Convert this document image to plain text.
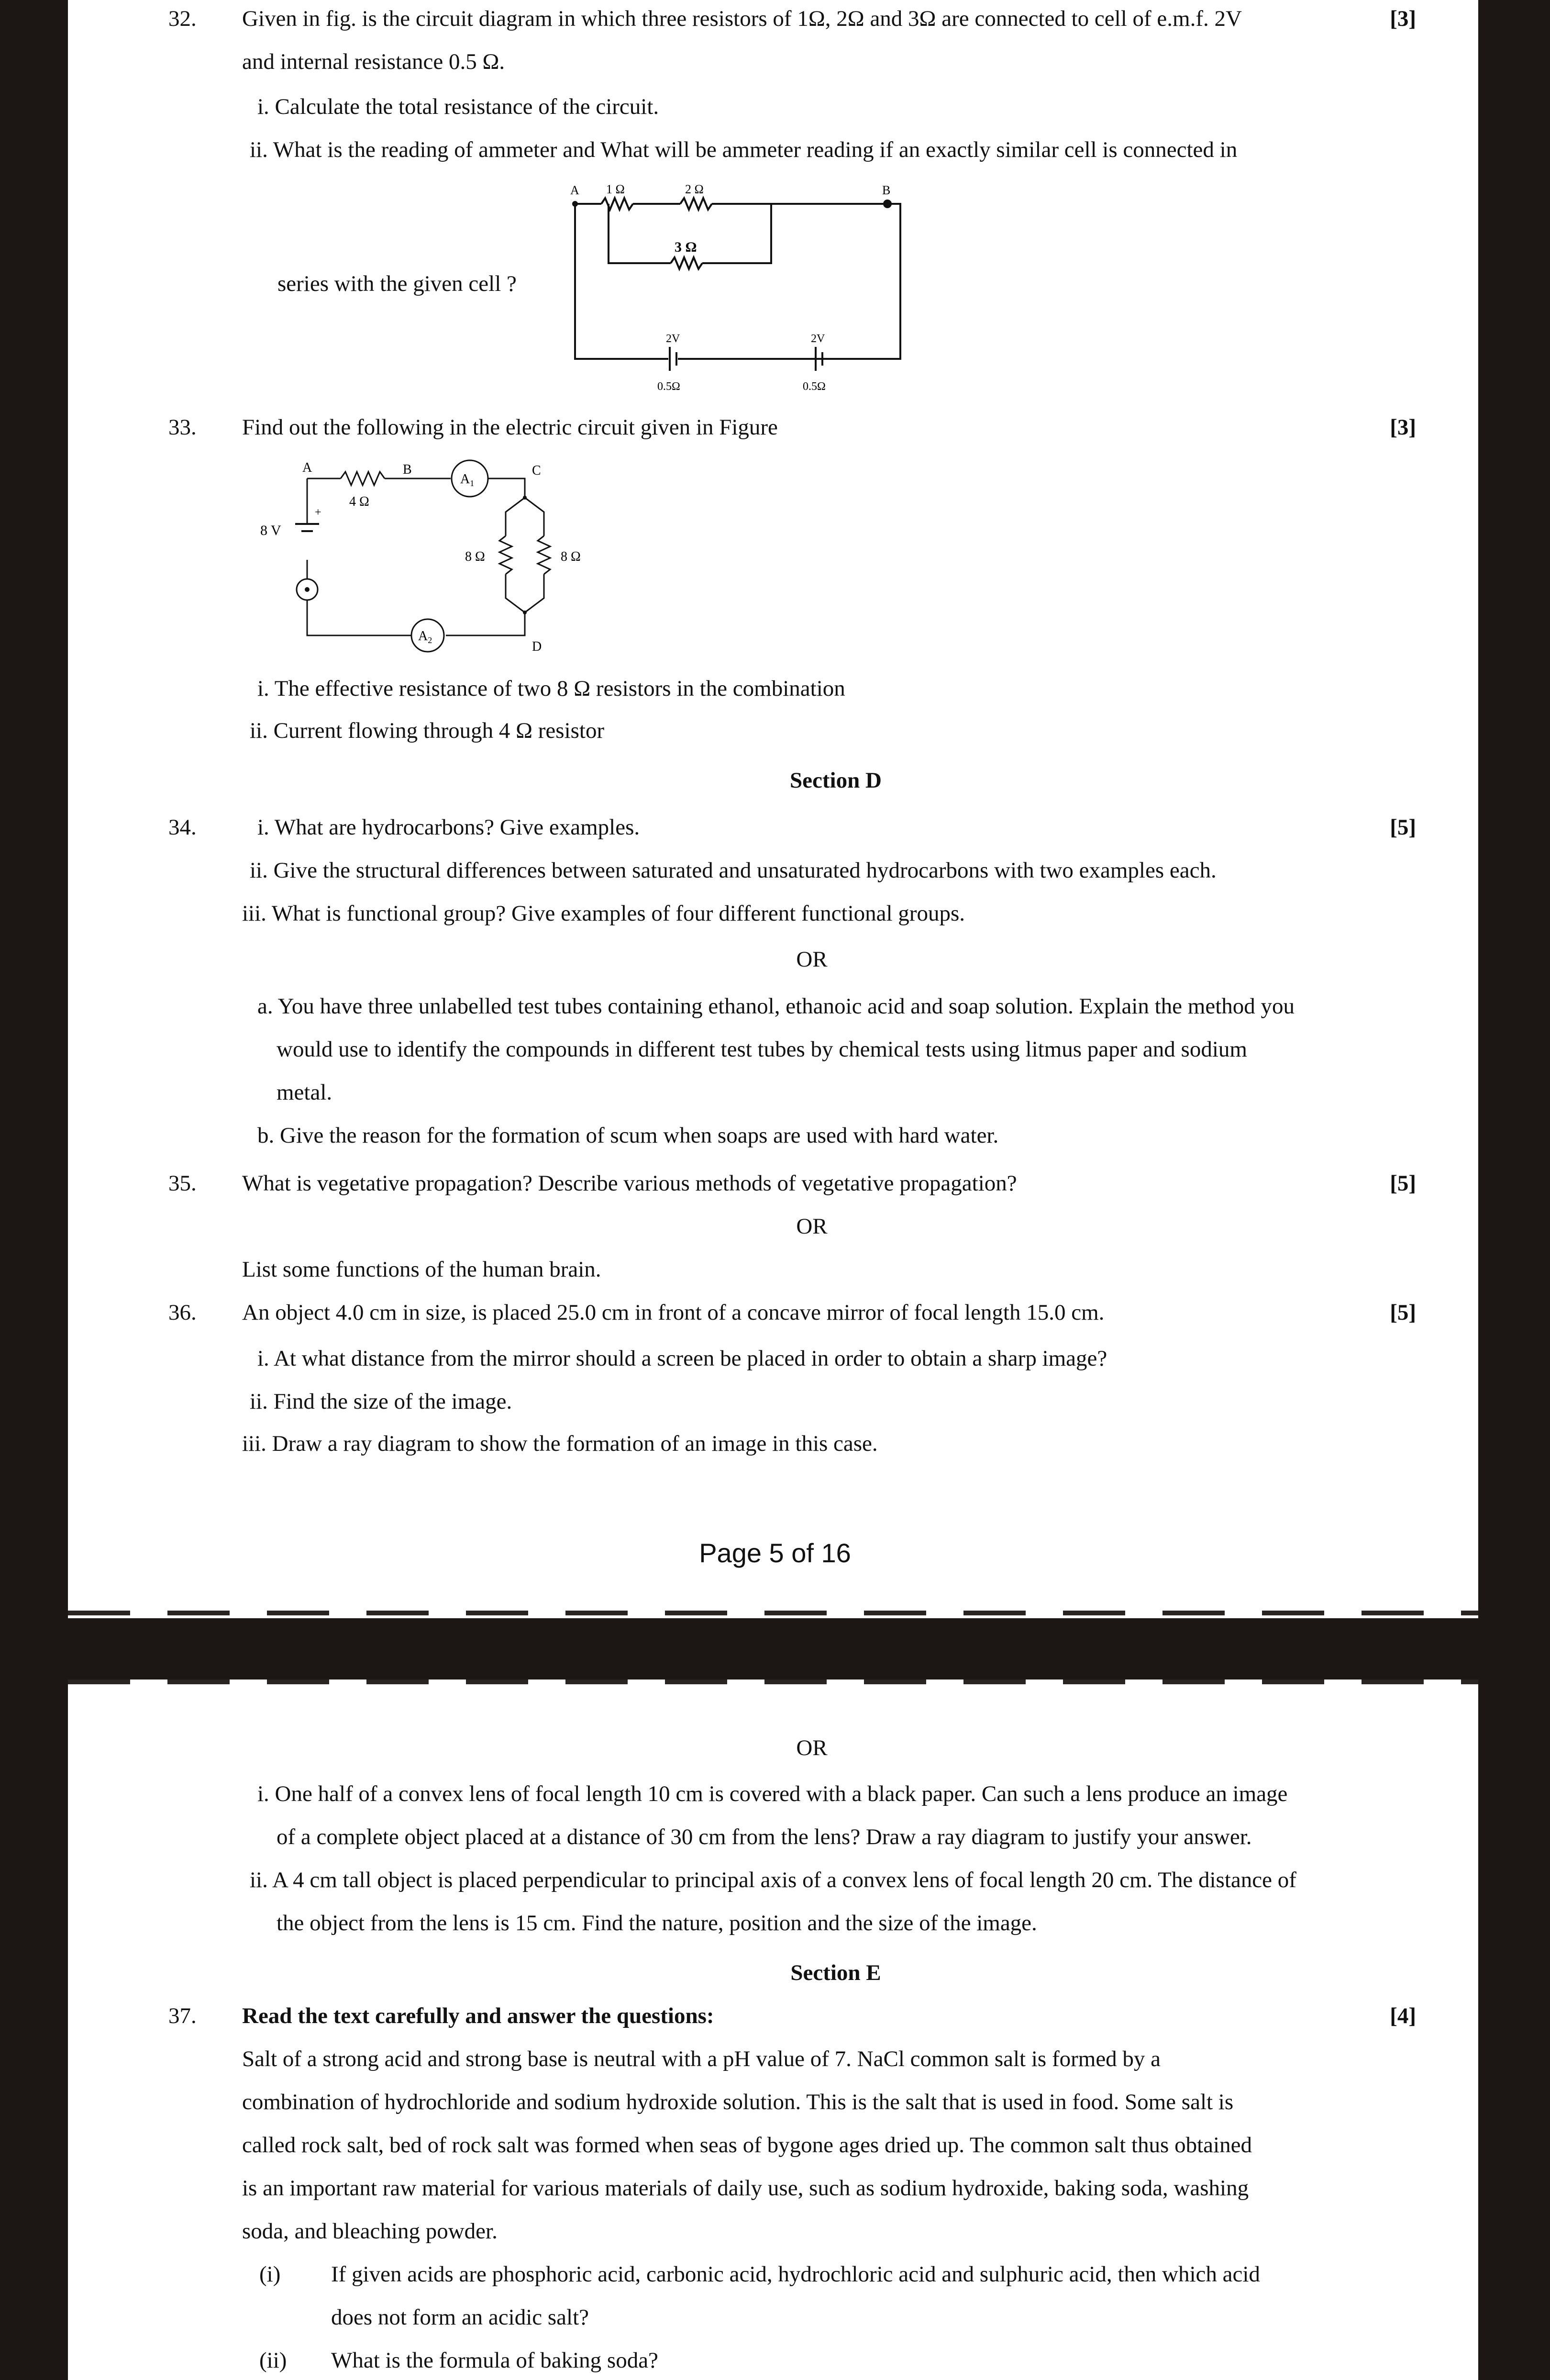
32. Given in fig. is the circuit diagram in which three resistors of 1Ω, 2Ω and 3Ω are connected to cell of e.m.f. 2V	[3]
and internal resistance 0.5 Ω.
i. Calculate the total resistance of the circuit.
ii. What is the reading of ammeter and What will be ammeter reading if an exactly similar cell is connected in
series with the given cell ?
A	B
1 Ω	2 Ω
3 Ω
2V	2V
0.5Ω	0.5Ω
33. Find out the following in the electric circuit given in Figure	[3]
A	B	C
D
4 Ω
8 Ω	8 Ω
8 V
+
$A_1$
$A_2$
i. The effective resistance of two 8 Ω resistors in the combination
ii. Current flowing through 4 Ω resistor
Section D
34.	i. What are hydrocarbons? Give examples.	[5]
ii. Give the structural differences between saturated and unsaturated hydrocarbons with two examples each.
iii. What is functional group? Give examples of four different functional groups.
OR
a. You have three unlabelled test tubes containing ethanol, ethanoic acid and soap solution. Explain the method you
would use to identify the compounds in different test tubes by chemical tests using litmus paper and sodium
metal.
b. Give the reason for the formation of scum when soaps are used with hard water.
35. What is vegetative propagation? Describe various methods of vegetative propagation?	[5]
OR
List some functions of the human brain.
36. An object 4.0 cm in size, is placed 25.0 cm in front of a concave mirror of focal length 15.0 cm.	[5]
i. At what distance from the mirror should a screen be placed in order to obtain a sharp image?
ii. Find the size of the image.
iii. Draw a ray diagram to show the formation of an image in this case.
Page 5 of 16
OR
i. One half of a convex lens of focal length 10 cm is covered with a black paper. Can such a lens produce an image
of a complete object placed at a distance of 30 cm from the lens? Draw a ray diagram to justify your answer.
ii. A 4 cm tall object is placed perpendicular to principal axis of a convex lens of focal length 20 cm. The distance of
the object from the lens is 15 cm. Find the nature, position and the size of the image.
Section E
37. Read the text carefully and answer the questions:	[4]
Salt of a strong acid and strong base is neutral with a pH value of 7. NaCl common salt is formed by a
combination of hydrochloride and sodium hydroxide solution. This is the salt that is used in food. Some salt is
called rock salt, bed of rock salt was formed when seas of bygone ages dried up. The common salt thus obtained
is an important raw material for various materials of daily use, such as sodium hydroxide, baking soda, washing
soda, and bleaching powder.
(i) If given acids are phosphoric acid, carbonic acid, hydrochloric acid and sulphuric acid, then which acid
does not form an acidic salt?
(ii) What is the formula of baking soda?
